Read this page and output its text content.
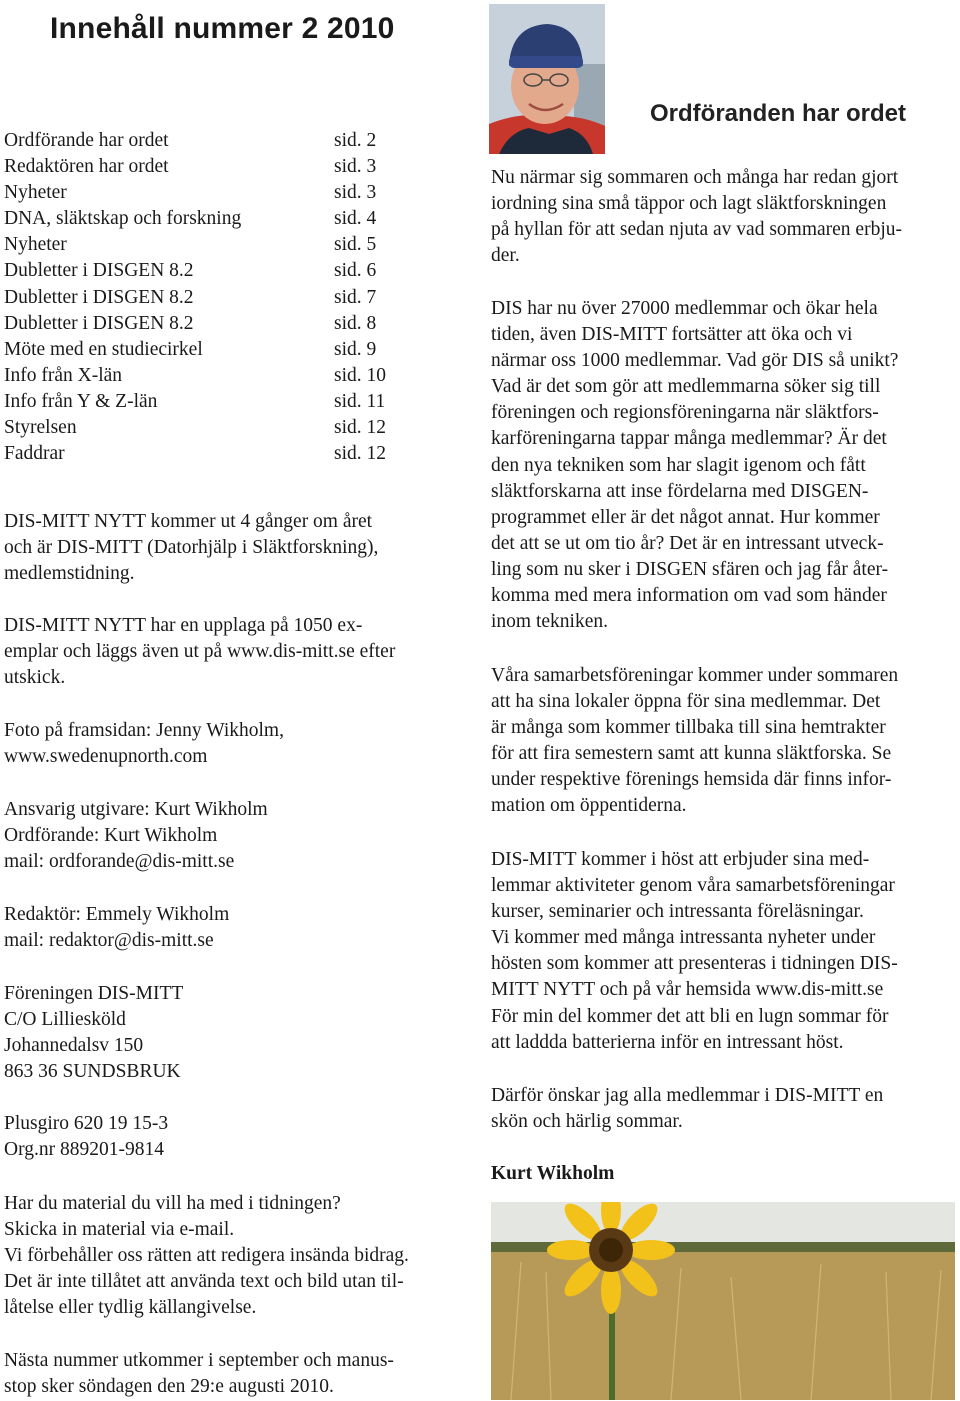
Innehåll nummer 2 2010
Ordförande har ordet	sid. 2
Redaktören har ordet	sid. 3
Nyheter	sid. 3
DNA, släktskap och forskning	sid. 4
Nyheter	sid. 5
Dubletter i DISGEN 8.2	sid. 6
Dubletter i DISGEN 8.2	sid. 7
Dubletter i DISGEN 8.2	sid. 8
Möte med en studiecirkel	sid. 9
Info från X-län	sid. 10
Info från Y & Z-län	sid. 11
Styrelsen	sid. 12
Faddrar	sid. 12

DIS-MITT NYTT kommer ut 4 gånger om året
och är DIS-MITT (Datorhjälp i Släktforskning),
medlemstidning.

DIS-MITT NYTT har en upplaga på 1050 ex-
emplar och läggs även ut på www.dis-mitt.se efter
utskick.

Foto på framsidan: Jenny Wikholm,
www.swedenupnorth.com

Ansvarig utgivare: Kurt Wikholm
Ordförande: Kurt Wikholm
mail: ordforande@dis-mitt.se

Redaktör: Emmely Wikholm
mail: redaktor@dis-mitt.se

Föreningen DIS-MITT
C/O Lilliesköld
Johannedalsv 150
863 36 SUNDSBRUK

Plusgiro 620 19 15-3
Org.nr 889201-9814

Har du material du vill ha med i tidningen?
Skicka in material via e-mail.
Vi förbehåller oss rätten att redigera insända bidrag.
Det är inte tillåtet att använda text och bild utan til-
låtelse eller tydlig källangivelse.

Nästa nummer utkommer i september och manus-
stop sker söndagen den 29:e augusti 2010.

Ordföranden har ordet

Nu närmar sig sommaren och många har redan gjort
iordning sina små täppor och lagt släktforskningen
på hyllan för att sedan njuta av vad sommaren erbju-
der.

DIS har nu över 27000 medlemmar och ökar hela
tiden, även DIS-MITT fortsätter att öka och vi
närmar oss 1000 medlemmar. Vad gör DIS så unikt?
Vad är det som gör att medlemmarna söker sig till
föreningen och regionsföreningarna när släktfors-
karföreningarna tappar många medlemmar? Är det
den nya tekniken som har slagit igenom och fått
släktforskarna att inse fördelarna med DISGEN-
programmet eller är det något annat. Hur kommer
det att se ut om tio år? Det är en intressant utveck-
ling som nu sker i DISGEN sfären och jag får åter-
komma med mera information om vad som händer
inom tekniken.

Våra samarbetsföreningar kommer under sommaren
att ha sina lokaler öppna för sina medlemmar. Det
är många som kommer tillbaka till sina hemtrakter
för att fira semestern samt att kunna släktforska. Se
under respektive förenings hemsida där finns infor-
mation om öppentiderna.

DIS-MITT kommer i höst att erbjuder sina med-
lemmar aktiviteter genom våra samarbetsföreningar
kurser, seminarier och intressanta föreläsningar.
Vi kommer med många intressanta nyheter under
hösten som kommer att presenteras i tidningen DIS-
MITT NYTT och på vår hemsida www.dis-mitt.se
För min del kommer det att bli en lugn sommar för
att laddda batterierna inför en intressant höst.

Därför önskar jag alla medlemmar i DIS-MITT en
skön och härlig sommar.

Kurt Wikholm
